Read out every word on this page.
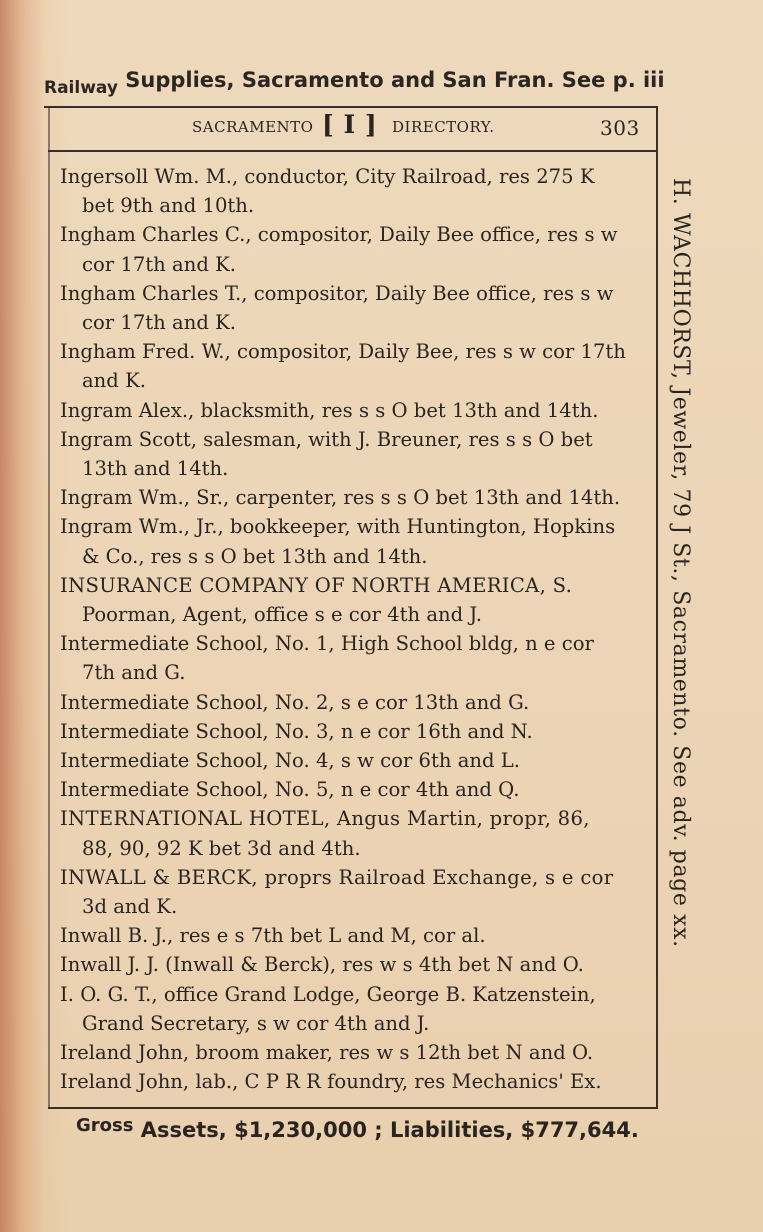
$_{Railway}$ Supplies, Sacramento and San Fran. See p. iii
SACRAMENTO [ I ] DIRECTORY.	303
Ingersoll Wm. M., conductor, City Railroad, res 275 K
bet 9th and 10th.
Ingham Charles C., compositor, Daily Bee office, res s w
cor 17th and K.
Ingham Charles T., compositor, Daily Bee office, res s w
cor 17th and K.
Ingham Fred. W., compositor, Daily Bee, res s w cor 17th
and K.
Ingram Alex., blacksmith, res s s O bet 13th and 14th.
Ingram Scott, salesman, with J. Breuner, res s s O bet
13th and 14th.
Ingram Wm., Sr., carpenter, res s s O bet 13th and 14th.
Ingram Wm., Jr., bookkeeper, with Huntington, Hopkins
& Co., res s s O bet 13th and 14th.
INSURANCE COMPANY OF NORTH AMERICA, S.
Poorman, Agent, office s e cor 4th and J.
Intermediate School, No. 1, High School bldg, n e cor
7th and G.
Intermediate School, No. 2, s e cor 13th and G.
Intermediate School, No. 3, n e cor 16th and N.
Intermediate School, No. 4, s w cor 6th and L.
Intermediate School, No. 5, n e cor 4th and Q.
INTERNATIONAL HOTEL, Angus Martin, propr, 86,
88, 90, 92 K bet 3d and 4th.
INWALL & BERCK, proprs Railroad Exchange, s e cor
3d and K.
Inwall B. J., res e s 7th bet L and M, cor al.
Inwall J. J. (Inwall & Berck), res w s 4th bet N and O.
I. O. G. T., office Grand Lodge, George B. Katzenstein,
Grand Secretary, s w cor 4th and J.
Ireland John, broom maker, res w s 12th bet N and O.
Ireland John, lab., C P R R foundry, res Mechanics' Ex.
H. WACHHORST, Jeweler, 79 J St., Sacramento. See adv. page xx.
Gross Assets, $1,230,000 ; Liabilities, $777,644.
